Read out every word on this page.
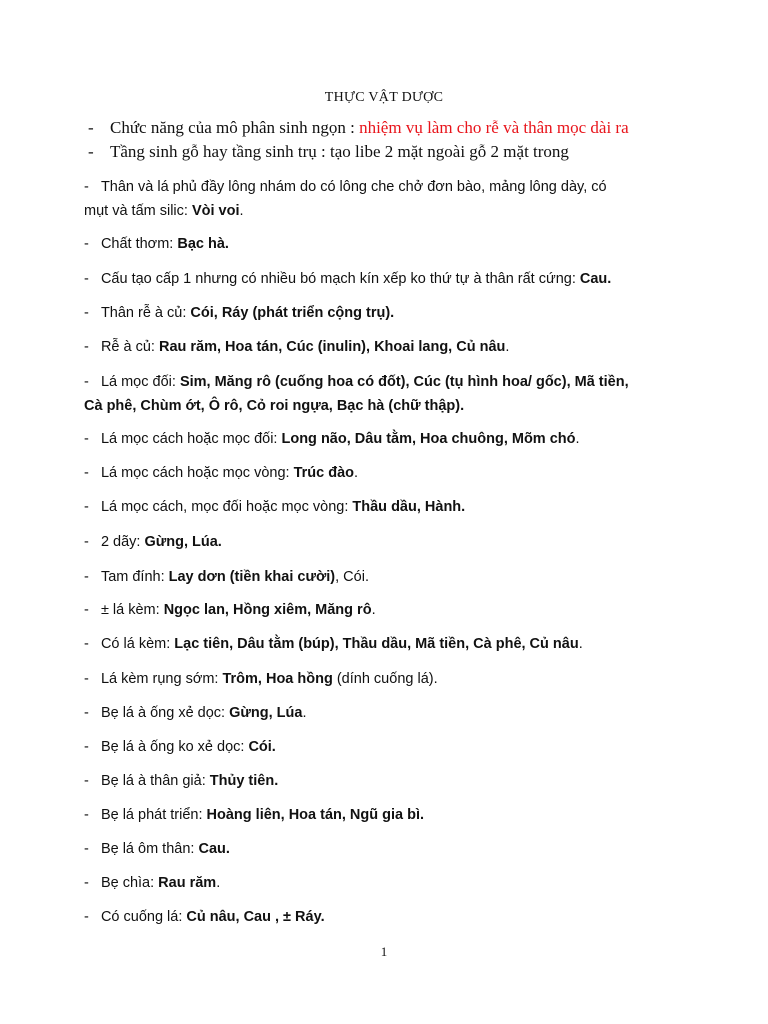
THỰC VẬT DƯỢC
- Chức năng của mô phân sinh ngọn : nhiệm vụ làm cho rễ và thân mọc dài ra
- Tầng sinh gỗ hay tầng sinh trụ : tạo libe 2 mặt ngoài gỗ 2 mặt trong
- Thân và lá phủ đầy lông nhám do có lông che chở đơn bào, mảng lông dày, có
mụt và tấm silic: Vòi voi.
- Chất thơm: Bạc hà.
- Cấu tạo cấp 1 nhưng có nhiều bó mạch kín xếp ko thứ tự à thân rất cứng: Cau.
- Thân rễ à củ: Cói, Ráy (phát triển cộng trụ).
- Rễ à củ: Rau răm, Hoa tán, Cúc (inulin), Khoai lang, Củ nâu.
- Lá mọc đối: Sim, Măng rô (cuống hoa có đốt), Cúc (tụ hình hoa/ gốc), Mã tiền,
Cà phê, Chùm ớt, Ô rô, Cỏ roi ngựa, Bạc hà (chữ thập).
- Lá mọc cách hoặc mọc đối: Long não, Dâu tằm, Hoa chuông, Mõm chó.
- Lá mọc cách hoặc mọc vòng: Trúc đào.
- Lá mọc cách, mọc đối hoặc mọc vòng: Thầu dầu, Hành.
- 2 dãy: Gừng, Lúa.
- Tam đính: Lay dơn (tiền khai cười), Cói.
- ± lá kèm: Ngọc lan, Hồng xiêm, Măng rô.
- Có lá kèm: Lạc tiên, Dâu tằm (búp), Thầu dầu, Mã tiền, Cà phê, Củ nâu.
- Lá kèm rụng sớm: Trôm, Hoa hồng (dính cuống lá).
- Bẹ lá à ống xẻ dọc: Gừng, Lúa.
- Bẹ lá à ống ko xẻ dọc: Cói.
- Bẹ lá à thân giả: Thủy tiên.
- Bẹ lá phát triển: Hoàng liên, Hoa tán, Ngũ gia bì.
- Bẹ lá ôm thân: Cau.
- Bẹ chìa: Rau răm.
- Có cuống lá: Củ nâu, Cau , ± Ráy.
1
